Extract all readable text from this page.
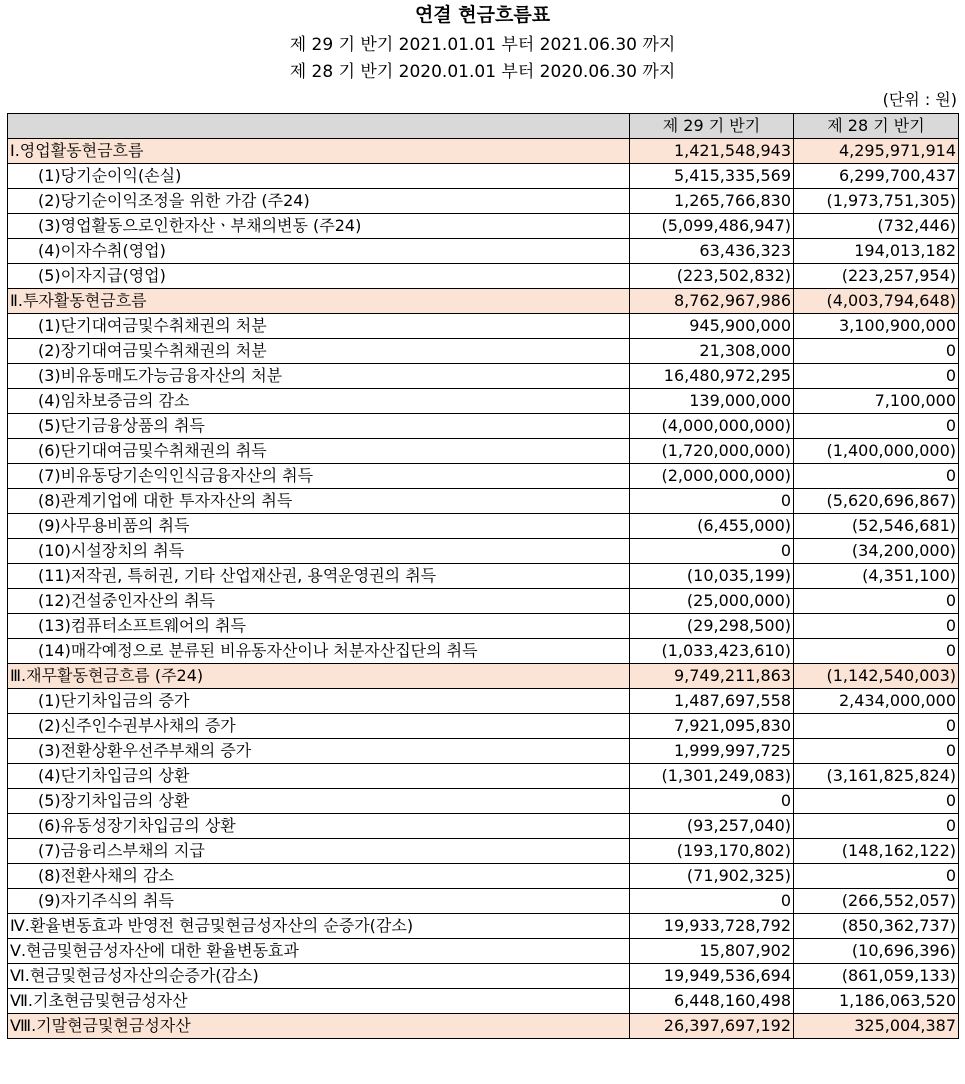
연결 현금흐름표
제 29 기 반기 2021.01.01 부터 2021.06.30 까지
제 28 기 반기 2020.01.01 부터 2020.06.30 까지
(단위 : 원)
	제 29 기 반기	제 28 기 반기
Ⅰ.영업활동현금흐름	1,421,548,943	4,295,971,914
(1)당기순이익(손실)	5,415,335,569	6,299,700,437
(2)당기순이익조정을 위한 가감 (주24)	1,265,766,830	(1,973,751,305)
(3)영업활동으로인한자산ㆍ부채의변동 (주24)	(5,099,486,947)	(732,446)
(4)이자수취(영업)	63,436,323	194,013,182
(5)이자지급(영업)	(223,502,832)	(223,257,954)
Ⅱ.투자활동현금흐름	8,762,967,986	(4,003,794,648)
(1)단기대여금및수취채권의 처분	945,900,000	3,100,900,000
(2)장기대여금및수취채권의 처분	21,308,000	0
(3)비유동매도가능금융자산의 처분	16,480,972,295	0
(4)임차보증금의 감소	139,000,000	7,100,000
(5)단기금융상품의 취득	(4,000,000,000)	0
(6)단기대여금및수취채권의 취득	(1,720,000,000)	(1,400,000,000)
(7)비유동당기손익인식금융자산의 취득	(2,000,000,000)	0
(8)관계기업에 대한 투자자산의 취득	0	(5,620,696,867)
(9)사무용비품의 취득	(6,455,000)	(52,546,681)
(10)시설장치의 취득	0	(34,200,000)
(11)저작권, 특허권, 기타 산업재산권, 용역운영권의 취득	(10,035,199)	(4,351,100)
(12)건설중인자산의 취득	(25,000,000)	0
(13)컴퓨터소프트웨어의 취득	(29,298,500)	0
(14)매각예정으로 분류된 비유동자산이나 처분자산집단의 취득	(1,033,423,610)	0
Ⅲ.재무활동현금흐름 (주24)	9,749,211,863	(1,142,540,003)
(1)단기차입금의 증가	1,487,697,558	2,434,000,000
(2)신주인수권부사채의 증가	7,921,095,830	0
(3)전환상환우선주부채의 증가	1,999,997,725	0
(4)단기차입금의 상환	(1,301,249,083)	(3,161,825,824)
(5)장기차입금의 상환	0	0
(6)유동성장기차입금의 상환	(93,257,040)	0
(7)금융리스부채의 지급	(193,170,802)	(148,162,122)
(8)전환사채의 감소	(71,902,325)	0
(9)자기주식의 취득	0	(266,552,057)
Ⅳ.환율변동효과 반영전 현금및현금성자산의 순증가(감소)	19,933,728,792	(850,362,737)
Ⅴ.현금및현금성자산에 대한 환율변동효과	15,807,902	(10,696,396)
Ⅵ.현금및현금성자산의순증가(감소)	19,949,536,694	(861,059,133)
Ⅶ.기초현금및현금성자산	6,448,160,498	1,186,063,520
Ⅷ.기말현금및현금성자산	26,397,697,192	325,004,387
